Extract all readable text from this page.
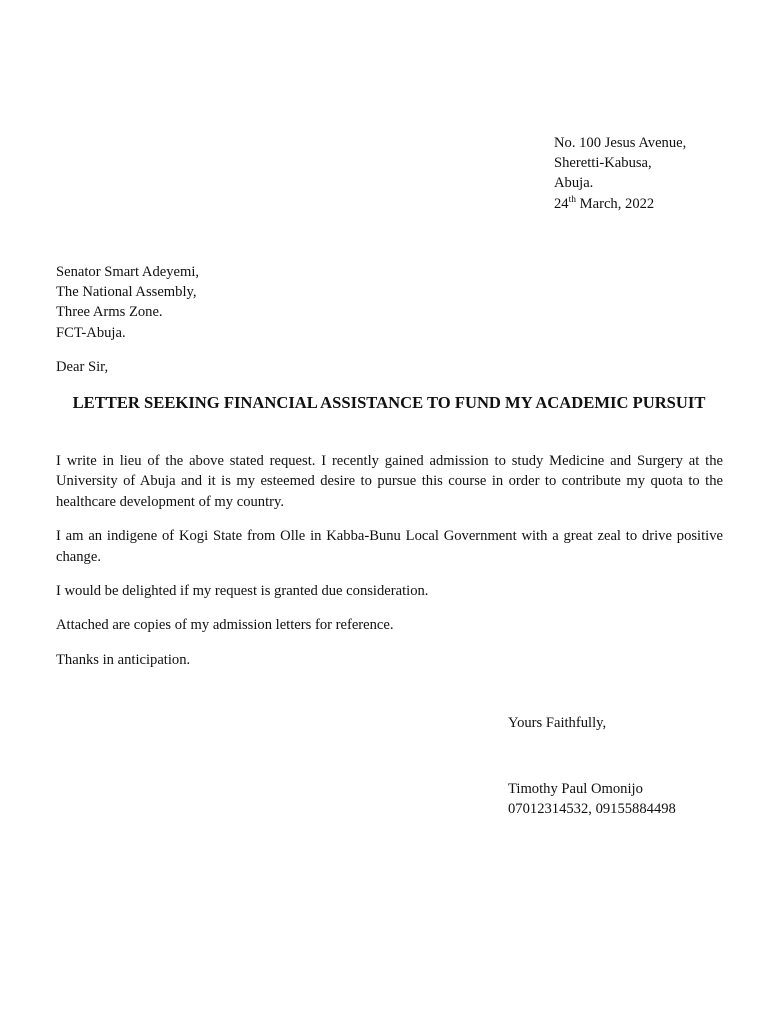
No. 100 Jesus Avenue,
Sheretti-Kabusa,
Abuja.
24th March, 2022
Senator Smart Adeyemi,
The National Assembly,
Three Arms Zone.
FCT-Abuja.
Dear Sir,
LETTER SEEKING FINANCIAL ASSISTANCE TO FUND MY ACADEMIC PURSUIT

I write in lieu of the above stated request. I recently gained admission to study Medicine and Surgery at the University of Abuja and it is my esteemed desire to pursue this course in order to contribute my quota to the healthcare development of my country.

I am an indigene of Kogi State from Olle in Kabba-Bunu Local Government with a great zeal to drive positive change.

I would be delighted if my request is granted due consideration.

Attached are copies of my admission letters for reference.

Thanks in anticipation.

Yours Faithfully,
Timothy Paul Omonijo
07012314532, 09155884498
